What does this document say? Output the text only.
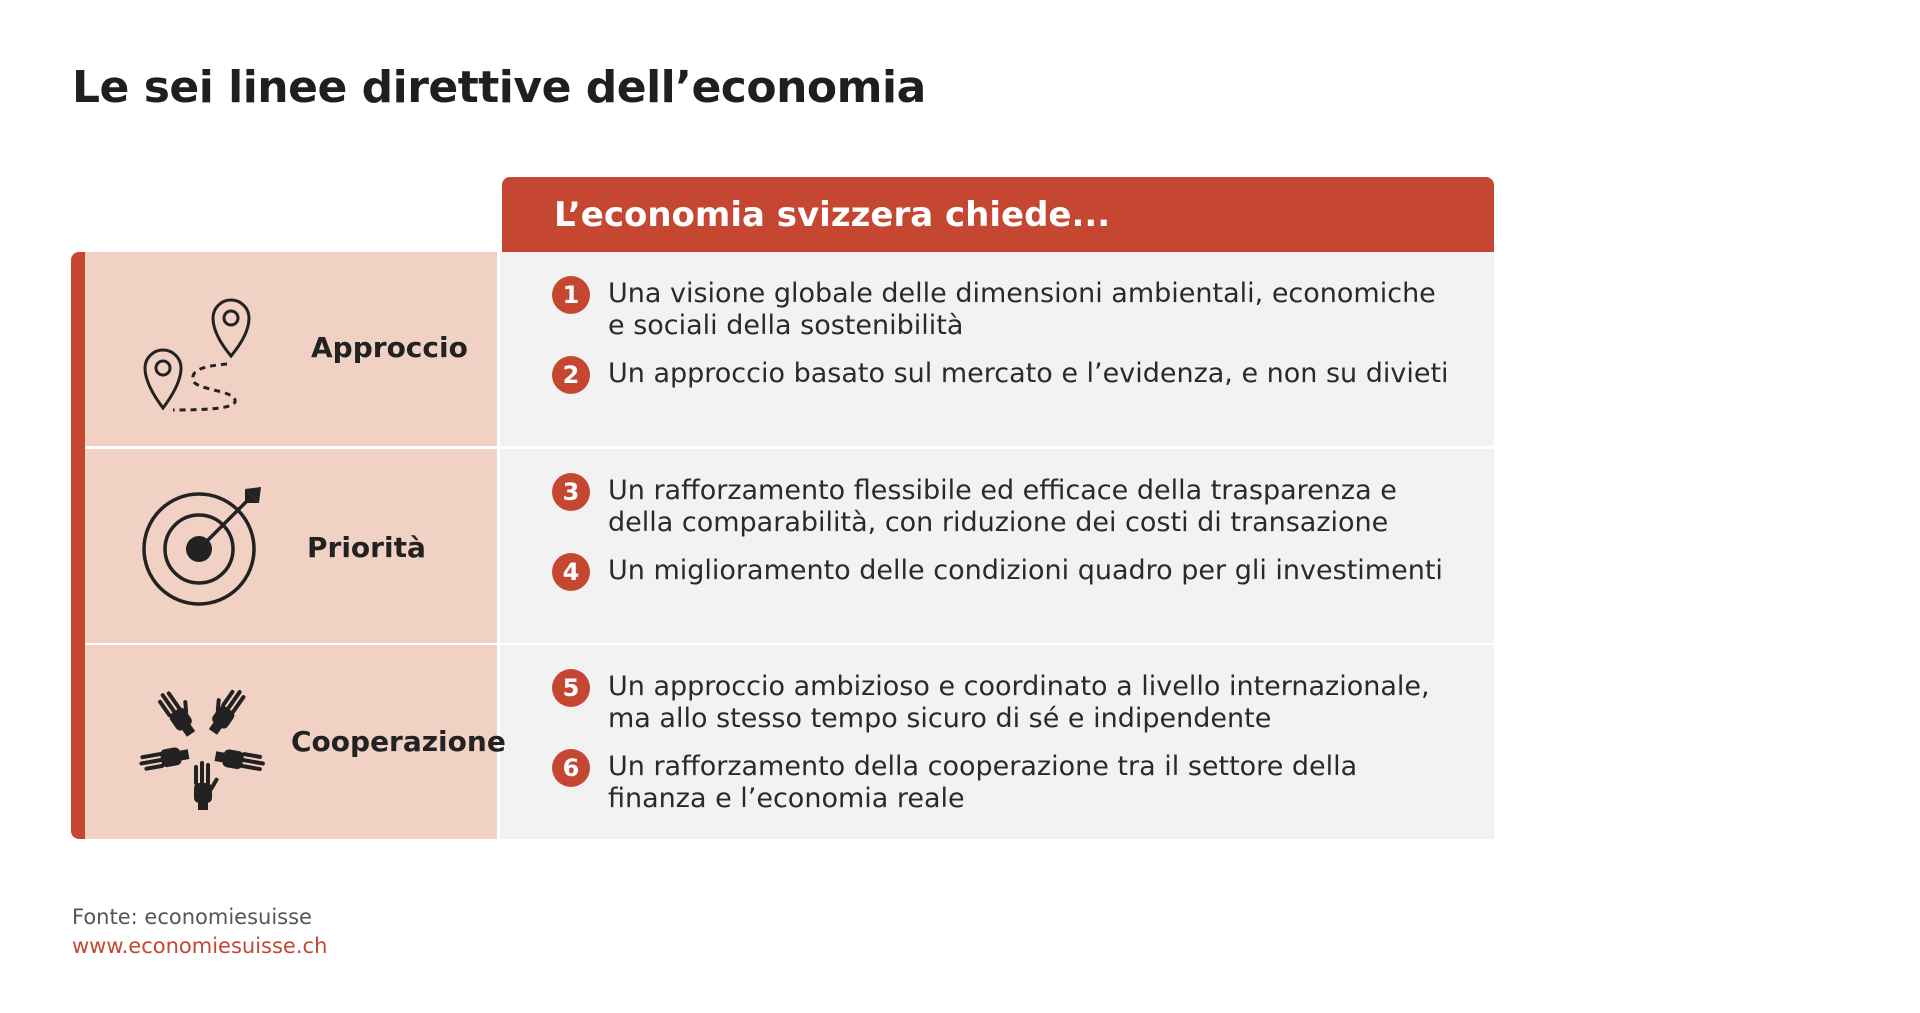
Le sei linee direttive dell’economia
L’economia svizzera chiede...
Approccio
1	Una visione globale delle dimensioni ambientali, economiche e sociali della sostenibilità
2	Un approccio basato sul mercato e l’evidenza, e non su divieti
Priorità
3	Un rafforzamento flessibile ed efficace della trasparenza e della comparabilità, con riduzione dei costi di transazione
4	Un miglioramento delle condizioni quadro per gli investimenti
Cooperazione
5	Un approccio ambizioso e coordinato a livello internazionale, ma allo stesso tempo sicuro di sé e indipendente
6	Un rafforzamento della cooperazione tra il settore della finanza e l’economia reale
Fonte: economiesuisse
www.economiesuisse.ch
